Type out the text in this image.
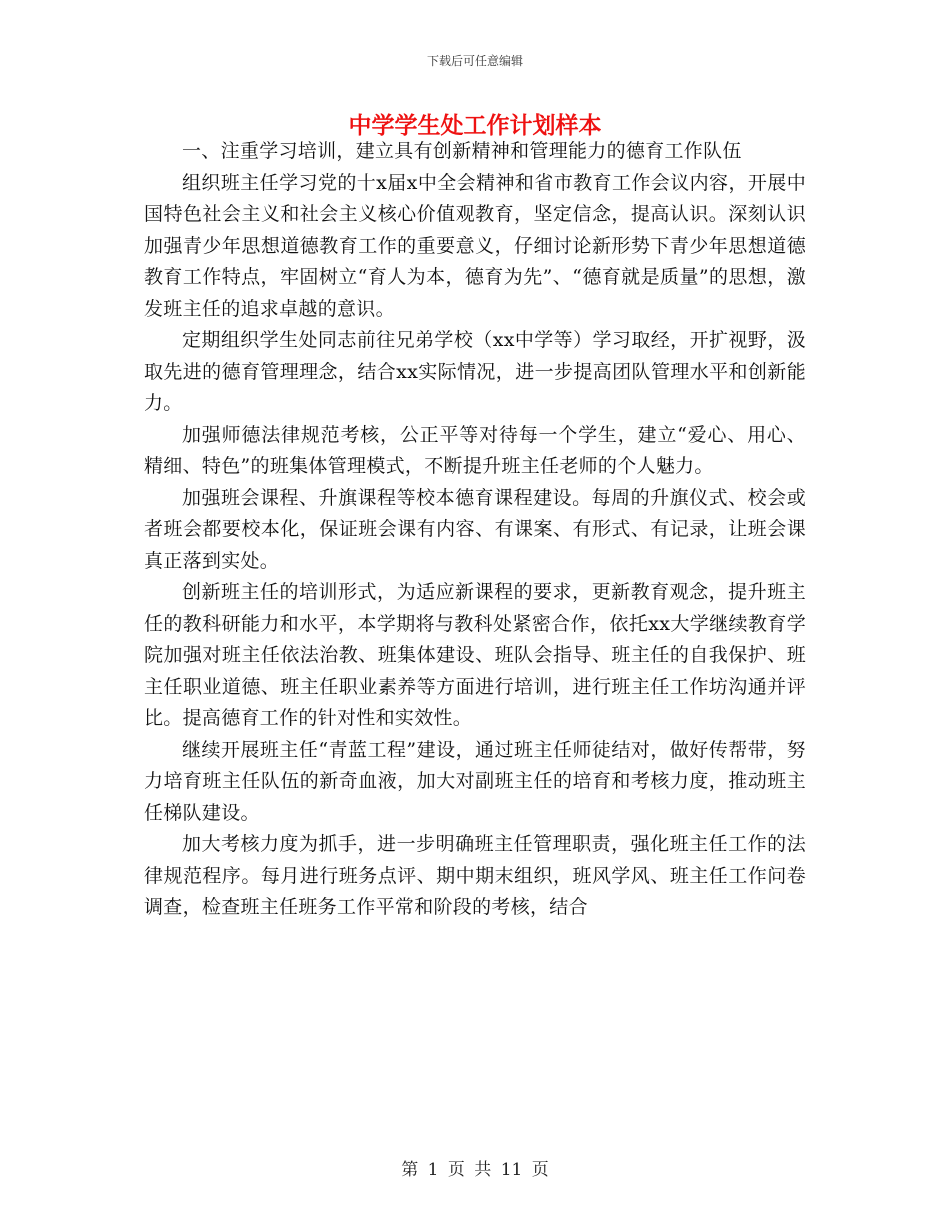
下载后可任意编辑
中学学生处工作计划样本

一、注重学习培训，建立具有创新精神和管理能力的德育工作队伍

组织班主任学习党的十x届x中全会精神和省市教育工作会议内容，开展中国特色社会主义和社会主义核心价值观教育，坚定信念，提高认识。深刻认识加强青少年思想道德教育工作的重要意义，仔细讨论新形势下青少年思想道德教育工作特点，牢固树立“育人为本，德育为先”、“德育就是质量”的思想，激发班主任的追求卓越的意识。

定期组织学生处同志前往兄弟学校（xx中学等）学习取经，开扩视野，汲取先进的德育管理理念，结合xx实际情况，进一步提高团队管理水平和创新能力。

加强师德法律规范考核，公正平等对待每一个学生，建立“爱心、用心、精细、特色”的班集体管理模式，不断提升班主任老师的个人魅力。

加强班会课程、升旗课程等校本德育课程建设。每周的升旗仪式、校会或者班会都要校本化，保证班会课有内容、有课案、有形式、有记录，让班会课真正落到实处。

创新班主任的培训形式，为适应新课程的要求，更新教育观念，提升班主任的教科研能力和水平，本学期将与教科处紧密合作，依托xx大学继续教育学院加强对班主任依法治教、班集体建设、班队会指导、班主任的自我保护、班主任职业道德、班主任职业素养等方面进行培训，进行班主任工作坊沟通并评比。提高德育工作的针对性和实效性。

继续开展班主任“青蓝工程”建设，通过班主任师徒结对，做好传帮带，努力培育班主任队伍的新奇血液，加大对副班主任的培育和考核力度，推动班主任梯队建设。

加大考核力度为抓手，进一步明确班主任管理职责，强化班主任工作的法律规范程序。每月进行班务点评、期中期末组织，班风学风、班主任工作问卷调查，检查班主任班务工作平常和阶段的考核，结合

第 1 页 共 11 页
